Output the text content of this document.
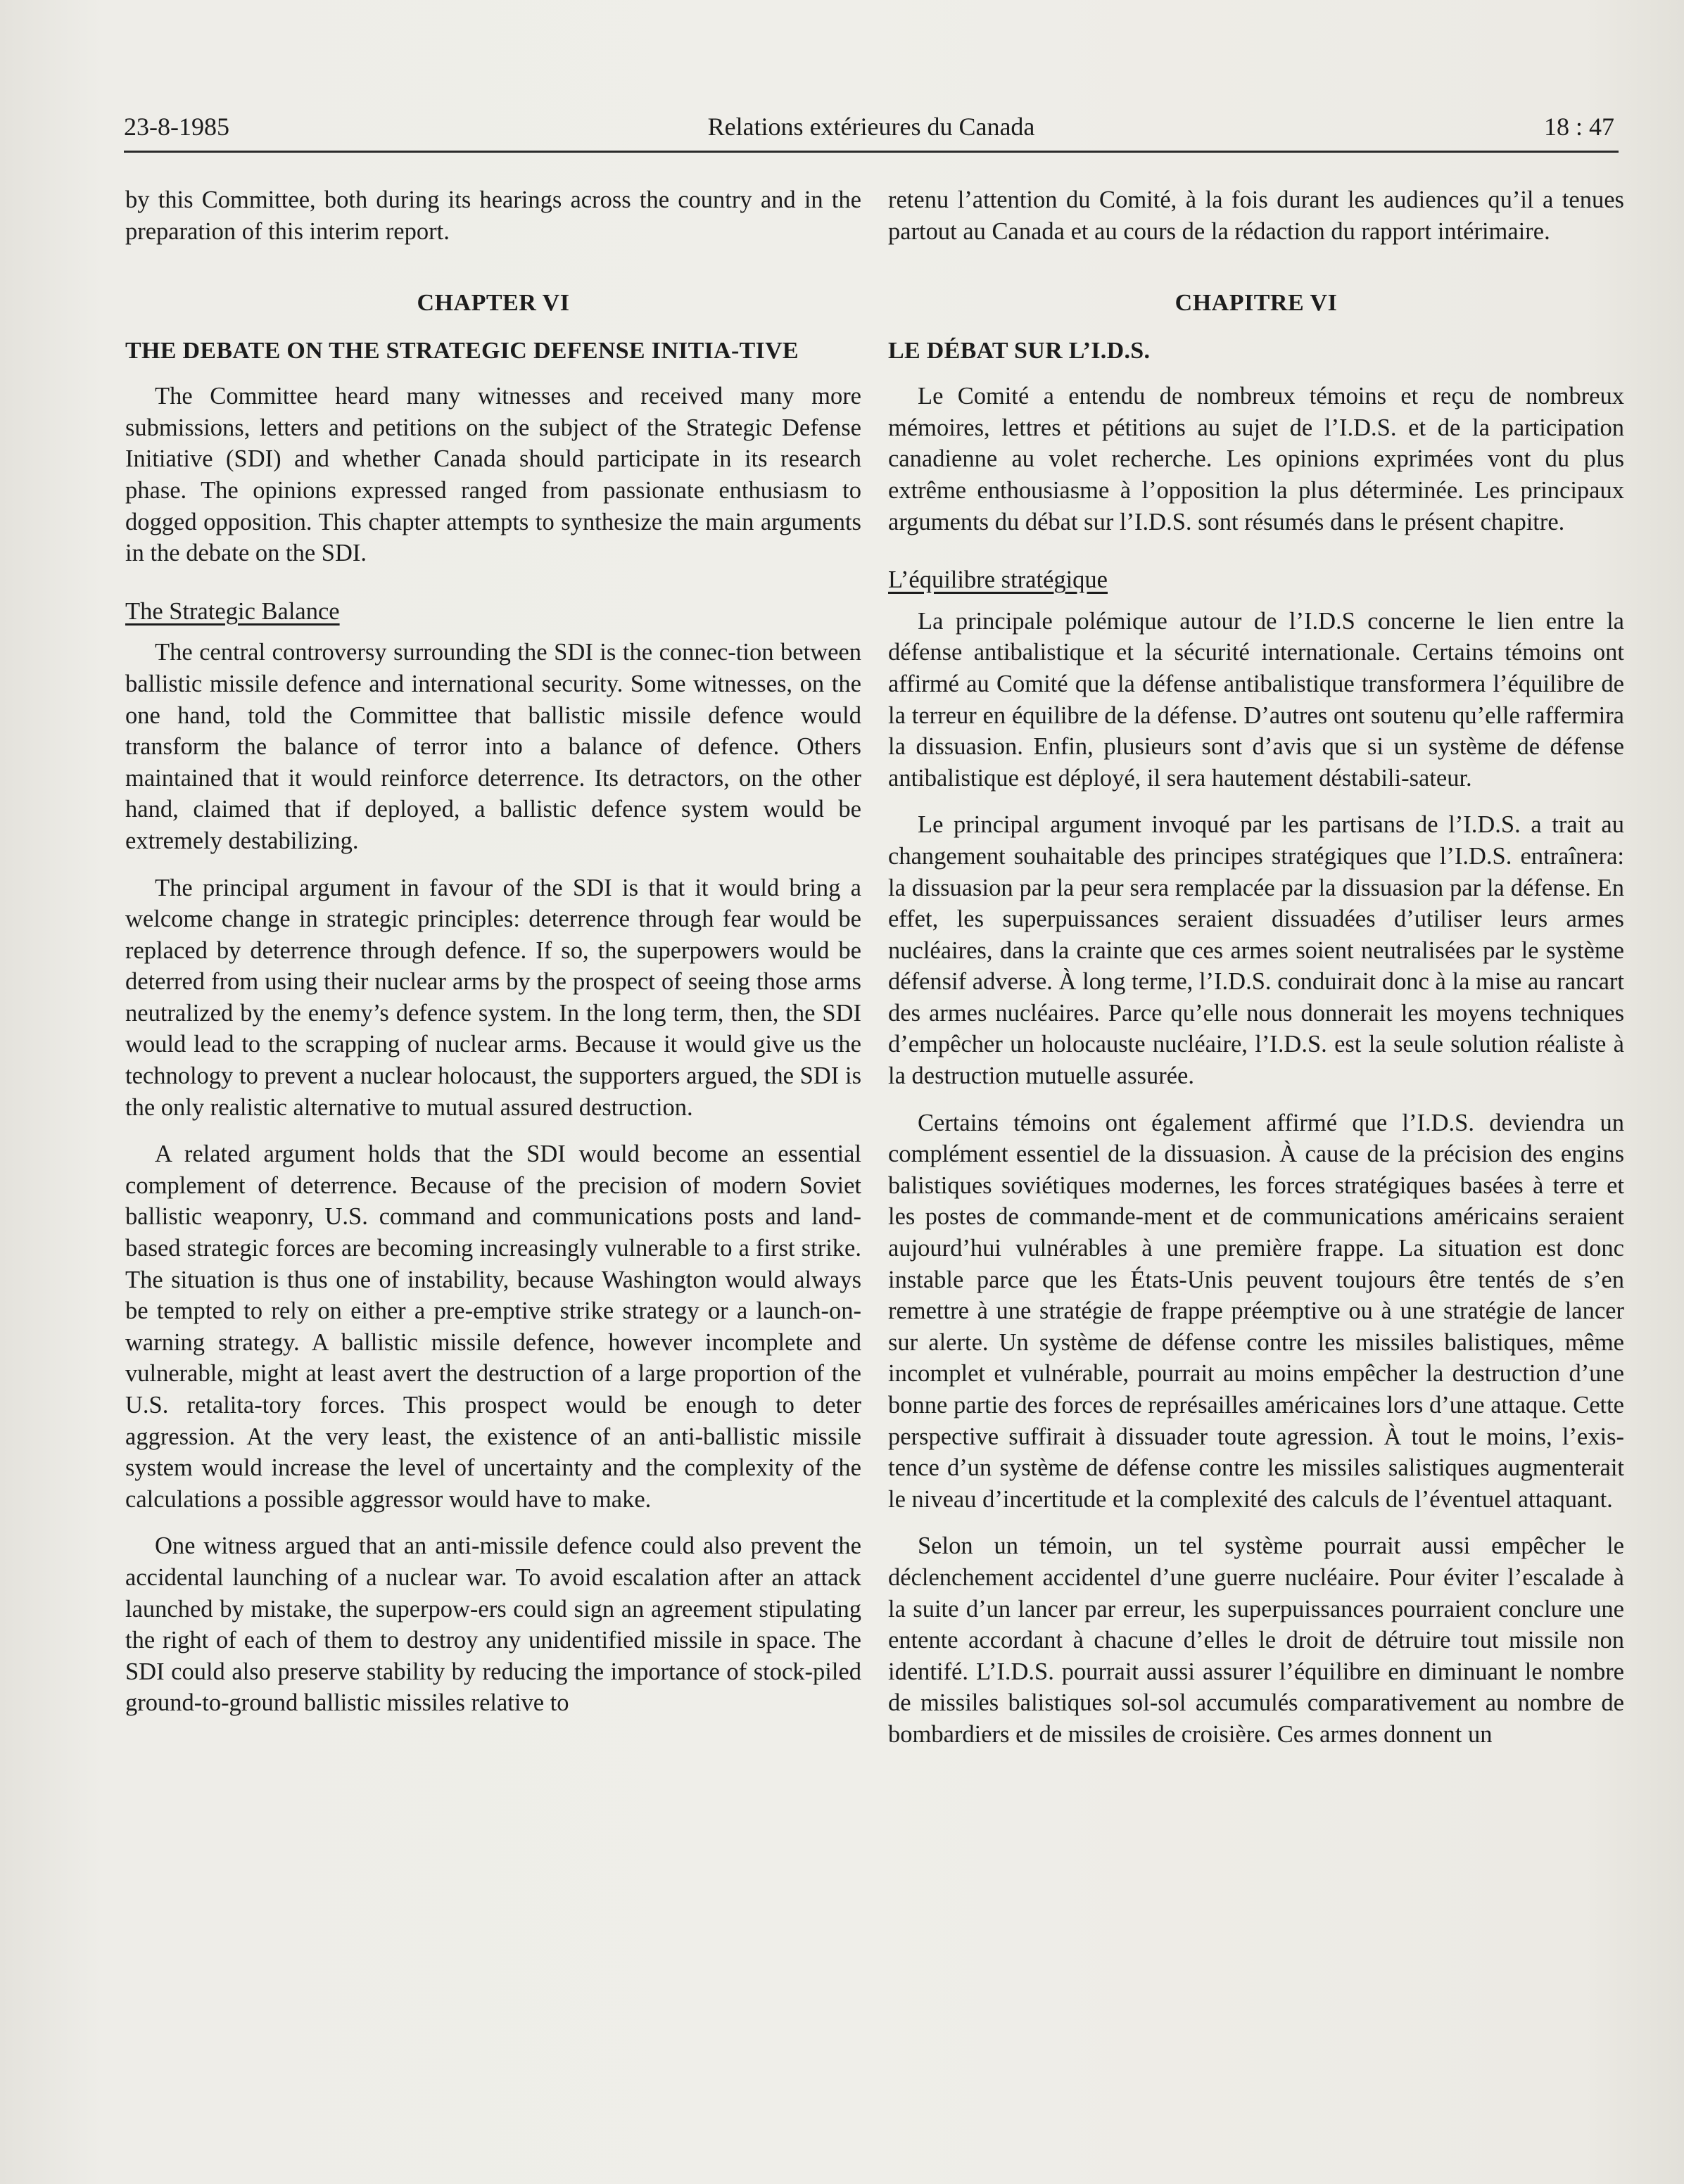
23-8-1985	Relations extérieures du Canada	18 : 47

by this Committee, both during its hearings across the country and in the preparation of this interim report.

CHAPTER VI
THE DEBATE ON THE STRATEGIC DEFENSE INITIA-TIVE

The Committee heard many witnesses and received many more submissions, letters and petitions on the subject of the Strategic Defense Initiative (SDI) and whether Canada should participate in its research phase. The opinions expressed ranged from passionate enthusiasm to dogged opposition. This chapter attempts to synthesize the main arguments in the debate on the SDI.

The Strategic Balance

The central controversy surrounding the SDI is the connec-tion between ballistic missile defence and international security. Some witnesses, on the one hand, told the Committee that ballistic missile defence would transform the balance of terror into a balance of defence. Others maintained that it would reinforce deterrence. Its detractors, on the other hand, claimed that if deployed, a ballistic defence system would be extremely destabilizing.

The principal argument in favour of the SDI is that it would bring a welcome change in strategic principles: deterrence through fear would be replaced by deterrence through defence. If so, the superpowers would be deterred from using their nuclear arms by the prospect of seeing those arms neutralized by the enemy’s defence system. In the long term, then, the SDI would lead to the scrapping of nuclear arms. Because it would give us the technology to prevent a nuclear holocaust, the supporters argued, the SDI is the only realistic alternative to mutual assured destruction.

A related argument holds that the SDI would become an essential complement of deterrence. Because of the precision of modern Soviet ballistic weaponry, U.S. command and communications posts and land-based strategic forces are becoming increasingly vulnerable to a first strike. The situation is thus one of instability, because Washington would always be tempted to rely on either a pre-emptive strike strategy or a launch-on-warning strategy. A ballistic missile defence, however incomplete and vulnerable, might at least avert the destruction of a large proportion of the U.S. retalita-tory forces. This prospect would be enough to deter aggression. At the very least, the existence of an anti-ballistic missile system would increase the level of uncertainty and the complexity of the calculations a possible aggressor would have to make.

One witness argued that an anti-missile defence could also prevent the accidental launching of a nuclear war. To avoid escalation after an attack launched by mistake, the superpow-ers could sign an agreement stipulating the right of each of them to destroy any unidentified missile in space. The SDI could also preserve stability by reducing the importance of stock-piled ground-to-ground ballistic missiles relative to

retenu l’attention du Comité, à la fois durant les audiences qu’il a tenues partout au Canada et au cours de la rédaction du rapport intérimaire.

CHAPITRE VI
LE DÉBAT SUR L’I.D.S.

Le Comité a entendu de nombreux témoins et reçu de nombreux mémoires, lettres et pétitions au sujet de l’I.D.S. et de la participation canadienne au volet recherche. Les opinions exprimées vont du plus extrême enthousiasme à l’opposition la plus déterminée. Les principaux arguments du débat sur l’I.D.S. sont résumés dans le présent chapitre.

L’équilibre stratégique

La principale polémique autour de l’I.D.S concerne le lien entre la défense antibalistique et la sécurité internationale. Certains témoins ont affirmé au Comité que la défense antibalistique transformera l’équilibre de la terreur en équilibre de la défense. D’autres ont soutenu qu’elle raffermira la dissuasion. Enfin, plusieurs sont d’avis que si un système de défense antibalistique est déployé, il sera hautement déstabili-sateur.

Le principal argument invoqué par les partisans de l’I.D.S. a trait au changement souhaitable des principes stratégiques que l’I.D.S. entraînera: la dissuasion par la peur sera remplacée par la dissuasion par la défense. En effet, les superpuissances seraient dissuadées d’utiliser leurs armes nucléaires, dans la crainte que ces armes soient neutralisées par le système défensif adverse. À long terme, l’I.D.S. conduirait donc à la mise au rancart des armes nucléaires. Parce qu’elle nous donnerait les moyens techniques d’empêcher un holocauste nucléaire, l’I.D.S. est la seule solution réaliste à la destruction mutuelle assurée.

Certains témoins ont également affirmé que l’I.D.S. deviendra un complément essentiel de la dissuasion. À cause de la précision des engins balistiques soviétiques modernes, les forces stratégiques basées à terre et les postes de commande-ment et de communications américains seraient aujourd’hui vulnérables à une première frappe. La situation est donc instable parce que les États-Unis peuvent toujours être tentés de s’en remettre à une stratégie de frappe préemptive ou à une stratégie de lancer sur alerte. Un système de défense contre les missiles balistiques, même incomplet et vulnérable, pourrait au moins empêcher la destruction d’une bonne partie des forces de représailles américaines lors d’une attaque. Cette perspective suffirait à dissuader toute agression. À tout le moins, l’exis-tence d’un système de défense contre les missiles salistiques augmenterait le niveau d’incertitude et la complexité des calculs de l’éventuel attaquant.

Selon un témoin, un tel système pourrait aussi empêcher le déclenchement accidentel d’une guerre nucléaire. Pour éviter l’escalade à la suite d’un lancer par erreur, les superpuissances pourraient conclure une entente accordant à chacune d’elles le droit de détruire tout missile non identifé. L’I.D.S. pourrait aussi assurer l’équilibre en diminuant le nombre de missiles balistiques sol-sol accumulés comparativement au nombre de bombardiers et de missiles de croisière. Ces armes donnent un
